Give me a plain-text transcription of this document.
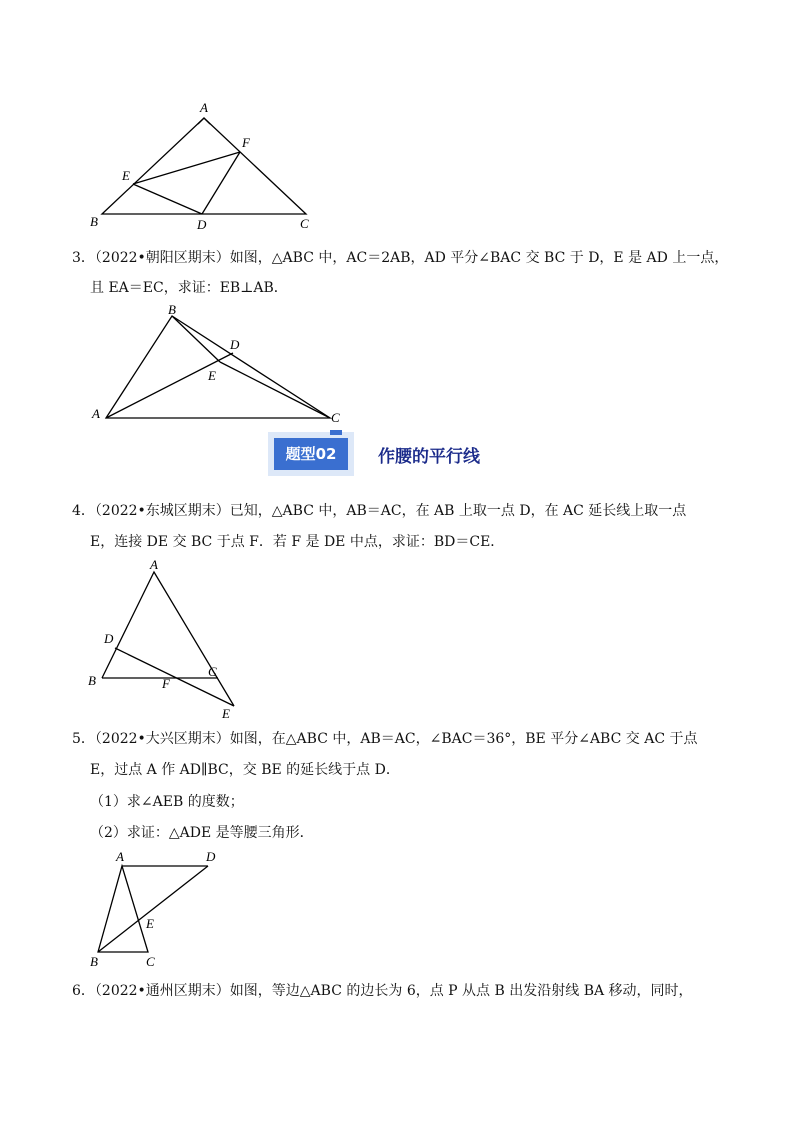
A
B	C
D
E
F
3．（2022•朝阳区期末）如图，△ABC 中，AC＝2AB，AD 平分∠BAC 交 BC 于 D，E 是 AD 上一点，
且 EA＝EC，求证：EB⊥AB．
B
A	C
D
E
题型02	作腰的平行线
4．（2022•东城区期末）已知，△ABC 中，AB＝AC，在 AB 上取一点 D，在 AC 延长线上取一点
E，连接 DE 交 BC 于点 F．若 F 是 DE 中点，求证：BD＝CE．
A
D
B
C
F
E
5．（2022•大兴区期末）如图，在△ABC 中，AB＝AC，∠BAC＝36°，BE 平分∠ABC 交 AC 于点
E，过点 A 作 AD∥BC，交 BE 的延长线于点 D．
（1）求∠AEB 的度数；
（2）求证：△ADE 是等腰三角形．
A	D
E
B	C
6．（2022•通州区期末）如图，等边△ABC 的边长为 6，点 P 从点 B 出发沿射线 BA 移动，同时，
